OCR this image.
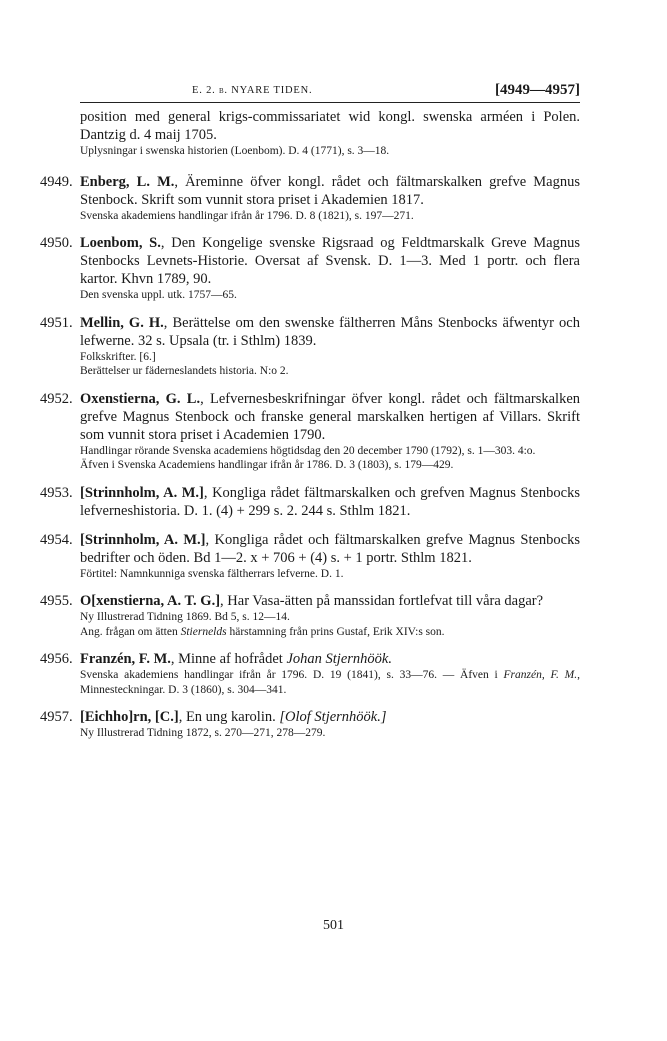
E. 2. b. NYARE TIDEN.	[4949—4957]
position med general krigs-commissariatet wid kongl. swenska arméen i Polen. Dantzig d. 4 maij 1705.
Uplysningar i swenska historien (Loenbom). D. 4 (1771), s. 3—18.
4949. Enberg, L. M., Äreminne öfver kongl. rådet och fältmarskalken grefve Magnus Stenbock. Skrift som vunnit stora priset i Akademien 1817.
Svenska akademiens handlingar ifrån år 1796. D. 8 (1821), s. 197—271.
4950. Loenbom, S., Den Kongelige svenske Rigsraad og Feldtmarskalk Greve Magnus Stenbocks Levnets-Historie. Oversat af Svensk. D. 1—3. Med 1 portr. och flera kartor. Khvn 1789, 90.
Den svenska uppl. utk. 1757—65.
4951. Mellin, G. H., Berättelse om den swenske fältherren Måns Stenbocks äfwentyr och lefwerne. 32 s. Upsala (tr. i Sthlm) 1839.
Folkskrifter. [6.]
Berättelser ur fäderneslandets historia. N:o 2.
4952. Oxenstierna, G. L., Lefvernesbeskrifningar öfver kongl. rådet och fältmarskalken grefve Magnus Stenbock och franske general marskalken hertigen af Villars. Skrift som vunnit stora priset i Academien 1790.
Handlingar rörande Svenska academiens högtidsdag den 20 december 1790 (1792), s. 1—303. 4:o.
Äfven i Svenska Academiens handlingar ifrån år 1786. D. 3 (1803), s. 179—429.
4953. [Strinnholm, A. M.], Kongliga rådet fältmarskalken och grefven Magnus Stenbocks lefverneshistoria. D. 1. (4) + 299 s. 2. 244 s. Sthlm 1821.
4954. [Strinnholm, A. M.], Kongliga rådet och fältmarskalken grefve Magnus Stenbocks bedrifter och öden. Bd 1—2. x + 706 + (4) s. + 1 portr. Sthlm 1821.
Förtitel: Namnkunniga svenska fältherrars lefverne. D. 1.
4955. O[xenstierna, A. T. G.], Har Vasa-ätten på manssidan fortlefvat till våra dagar?
Ny Illustrerad Tidning 1869. Bd 5, s. 12—14.
Ang. frågan om ätten Stiernelds härstamning från prins Gustaf, Erik XIV:s son.
4956. Franzén, F. M., Minne af hofrådet Johan Stjernhöök.
Svenska akademiens handlingar ifrån år 1796. D. 19 (1841), s. 33—76. — Äfven i Franzén, F. M., Minnesteckningar. D. 3 (1860), s. 304—341.
4957. [Eichho]rn, [C.], En ung karolin. [Olof Stjernhöök.]
Ny Illustrerad Tidning 1872, s. 270—271, 278—279.
501
